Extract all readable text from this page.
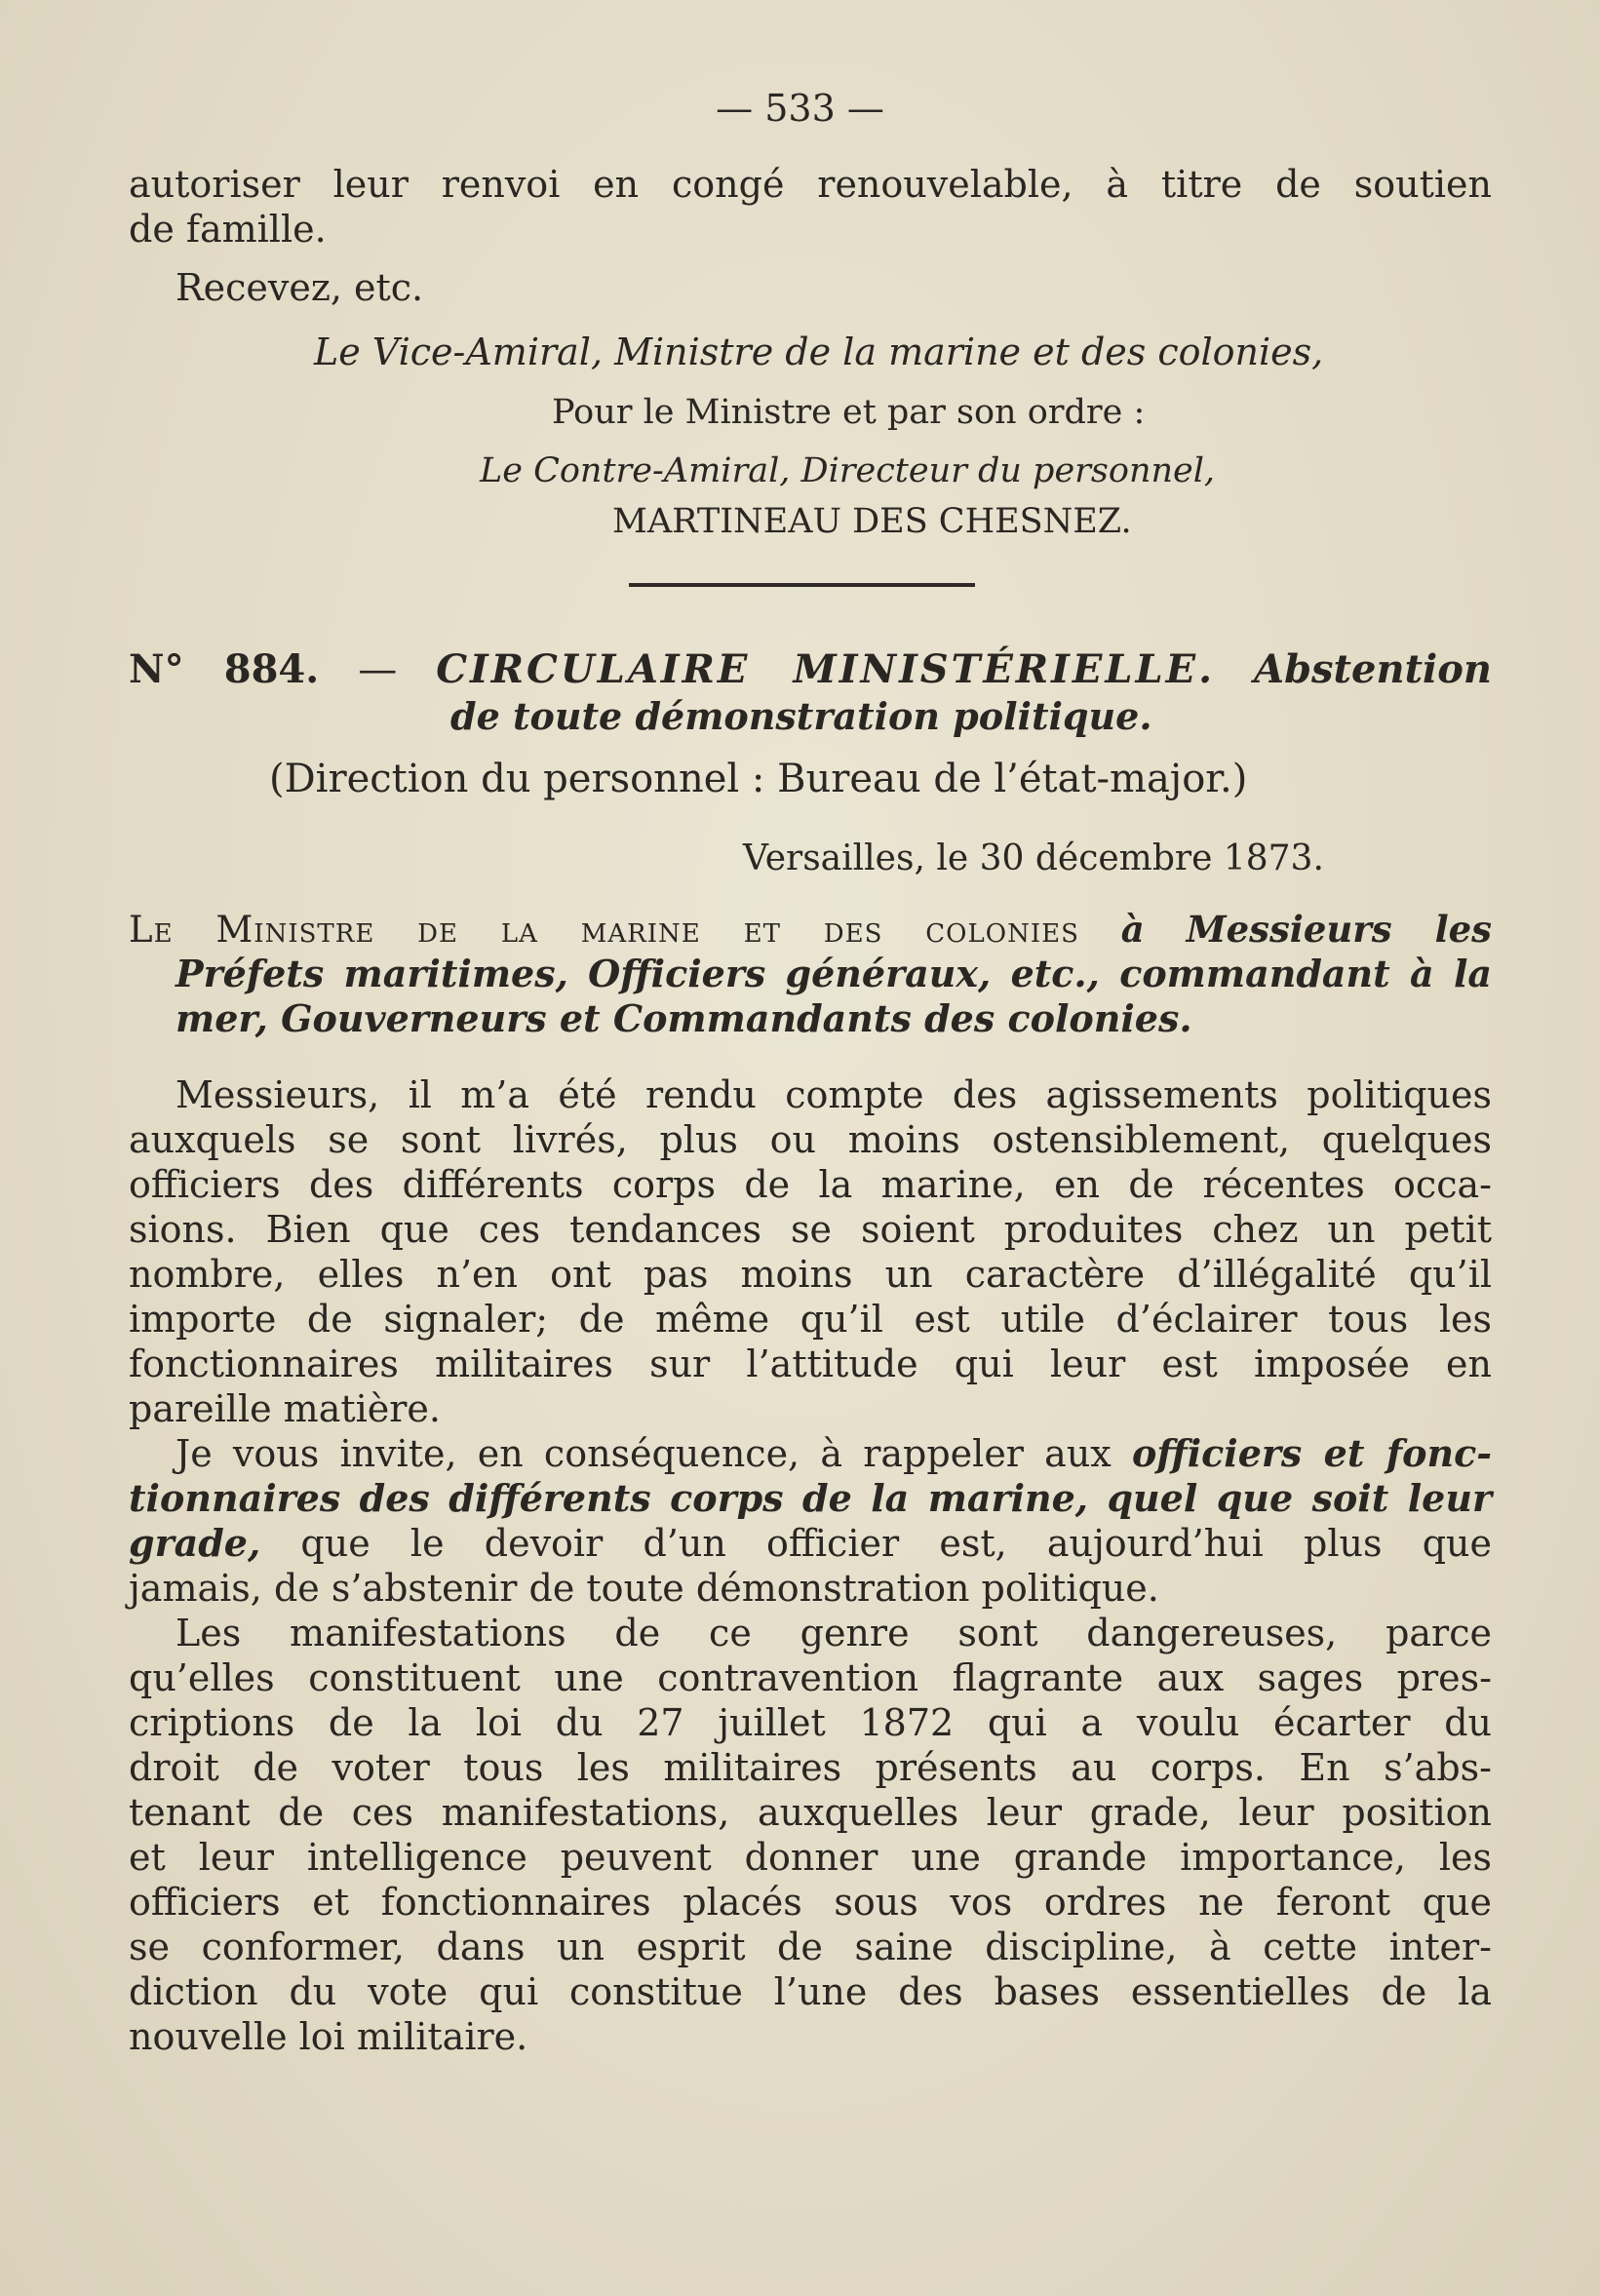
— 533 —
autoriser leur renvoi en congé renouvelable, à titre de soutien
de famille.
Recevez, etc.
Le Vice-Amiral, Ministre de la marine et des colonies,
Pour le Ministre et par son ordre :
Le Contre-Amiral, Directeur du personnel,
MARTINEAU DES CHESNEZ.
N° 884. — CIRCULAIRE MINISTÉRIELLE. Abstention
de toute démonstration politique.
(Direction du personnel : Bureau de l’état-major.)
Versailles, le 30 décembre 1873.
Le Ministre de la marine et des colonies à Messieurs les
Préfets maritimes, Officiers généraux, etc., commandant à la
mer, Gouverneurs et Commandants des colonies.
Messieurs, il m’a été rendu compte des agissements politiques
auxquels se sont livrés, plus ou moins ostensiblement, quelques
officiers des différents corps de la marine, en de récentes occa-
sions. Bien que ces tendances se soient produites chez un petit
nombre, elles n’en ont pas moins un caractère d’illégalité qu’il
importe de signaler; de même qu’il est utile d’éclairer tous les
fonctionnaires militaires sur l’attitude qui leur est imposée en
pareille matière.
Je vous invite, en conséquence, à rappeler aux officiers et fonc-
tionnaires des différents corps de la marine, quel que soit leur
grade, que le devoir d’un officier est, aujourd’hui plus que
jamais, de s’abstenir de toute démonstration politique.
Les manifestations de ce genre sont dangereuses, parce
qu’elles constituent une contravention flagrante aux sages pres-
criptions de la loi du 27 juillet 1872 qui a voulu écarter du
droit de voter tous les militaires présents au corps. En s’abs-
tenant de ces manifestations, auxquelles leur grade, leur position
et leur intelligence peuvent donner une grande importance, les
officiers et fonctionnaires placés sous vos ordres ne feront que
se conformer, dans un esprit de saine discipline, à cette inter-
diction du vote qui constitue l’une des bases essentielles de la
nouvelle loi militaire.
